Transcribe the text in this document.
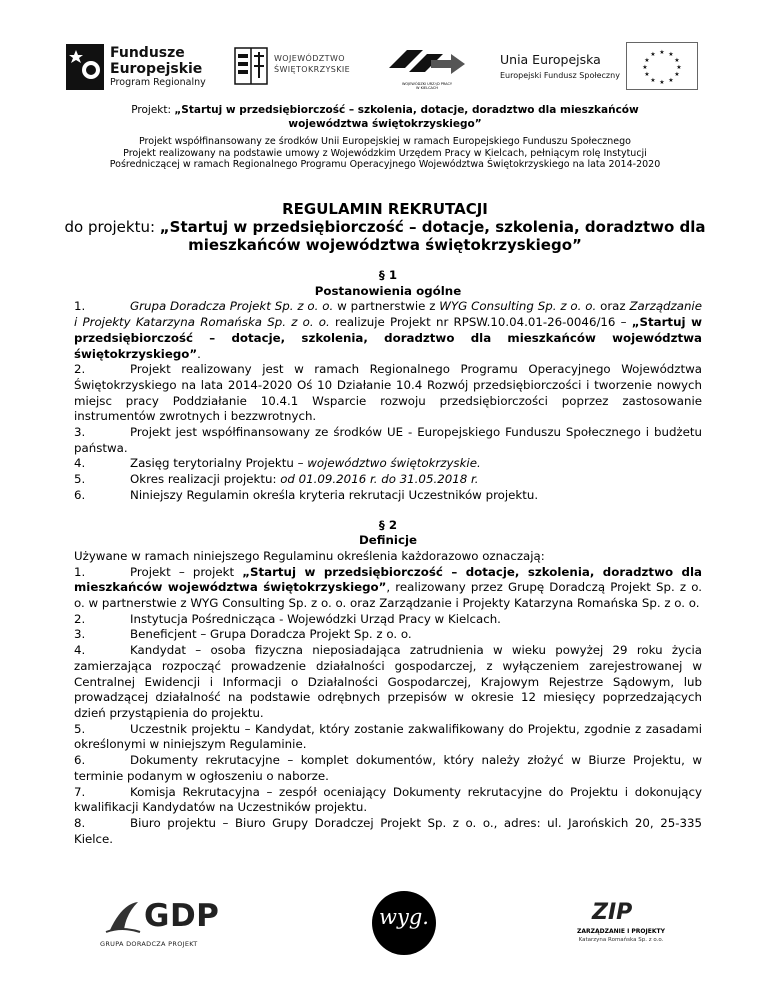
Fundusze
Europejskie
Program Regionalny
WOJEWÓDZTWO
ŚWIĘTOKRZYSKIE
WOJEWÓDZKI URZĄD PRACY
W KIELCACH
Unia Europejska
Europejski Fundusz Społeczny
★ ★
★
★
★
★
★
★
★
★
★
★
Projekt: „Startuj w przedsiębiorczość – szkolenia, dotacje, doradztwo dla mieszkańców województwa świętokrzyskiego”
Projekt współfinansowany ze środków Unii Europejskiej w ramach Europejskiego Funduszu Społecznego
Projekt realizowany na podstawie umowy z Wojewódzkim Urzędem Pracy w Kielcach, pełniącym rolę Instytucji
Pośredniczącej w ramach Regionalnego Programu Operacyjnego Województwa Świętokrzyskiego na lata 2014-2020
REGULAMIN REKRUTACJI
do projektu: „Startuj w przedsiębiorczość – dotacje, szkolenia, doradztwo dla mieszkańców województwa świętokrzyskiego”
§ 1
Postanowienia ogólne
1.	Grupa Doradcza Projekt Sp. z o. o. w partnerstwie z WYG Consulting Sp. z o. o. oraz Zarządzanie i Projekty Katarzyna Romańska Sp. z o. o. realizuje Projekt nr RPSW.10.04.01-26-0046/16 – „Startuj w przedsiębiorczość – dotacje, szkolenia, doradztwo dla mieszkańców województwa świętokrzyskiego”.
2.	Projekt realizowany jest w ramach Regionalnego Programu Operacyjnego Województwa Świętokrzyskiego na lata 2014-2020 Oś 10 Działanie 10.4 Rozwój przedsiębiorczości i tworzenie nowych miejsc pracy Poddziałanie 10.4.1 Wsparcie rozwoju przedsiębiorczości poprzez zastosowanie instrumentów zwrotnych i bezzwrotnych.
3.	Projekt jest współfinansowany ze środków UE - Europejskiego Funduszu Społecznego i budżetu państwa.
4.	Zasięg terytorialny Projektu – województwo świętokrzyskie.
5.	Okres realizacji projektu: od 01.09.2016 r. do 31.05.2018 r.
6.	Niniejszy Regulamin określa kryteria rekrutacji Uczestników projektu.
§ 2
Definicje
Używane w ramach niniejszego Regulaminu określenia każdorazowo oznaczają:
1.	Projekt – projekt „Startuj w przedsiębiorczość – dotacje, szkolenia, doradztwo dla mieszkańców województwa świętokrzyskiego”, realizowany przez Grupę Doradczą Projekt Sp. z o. o. w partnerstwie z WYG Consulting Sp. z o. o. oraz Zarządzanie i Projekty Katarzyna Romańska Sp. z o. o.
2.	Instytucja Pośrednicząca - Wojewódzki Urząd Pracy w Kielcach.
3.	Beneficjent – Grupa Doradcza Projekt Sp. z o. o.
4.	Kandydat – osoba fizyczna nieposiadająca zatrudnienia w wieku powyżej 29 roku życia zamierzająca rozpocząć prowadzenie działalności gospodarczej, z wyłączeniem zarejestrowanej w Centralnej Ewidencji i Informacji o Działalności Gospodarczej, Krajowym Rejestrze Sądowym, lub prowadzącej działalność na podstawie odrębnych przepisów w okresie 12 miesięcy poprzedzających dzień przystąpienia do projektu.
5.	Uczestnik projektu – Kandydat, który zostanie zakwalifikowany do Projektu, zgodnie z zasadami określonymi w niniejszym Regulaminie.
6.	Dokumenty rekrutacyjne – komplet dokumentów, który należy złożyć w Biurze Projektu, w terminie podanym w ogłoszeniu o naborze.
7.	Komisja Rekrutacyjna – zespół oceniający Dokumenty rekrutacyjne do Projektu i dokonujący kwalifikacji Kandydatów na Uczestników projektu.
8.	Biuro projektu – Biuro Grupy Doradczej Projekt Sp. z o. o., adres: ul. Jarońskich 20, 25-335 Kielce.
GDP
GRUPA DORADCZA PROJEKT
wyg.	ZIP
ZARZĄDZANIE I PROJEKTY
Katarzyna Romańska Sp. z o.o.
